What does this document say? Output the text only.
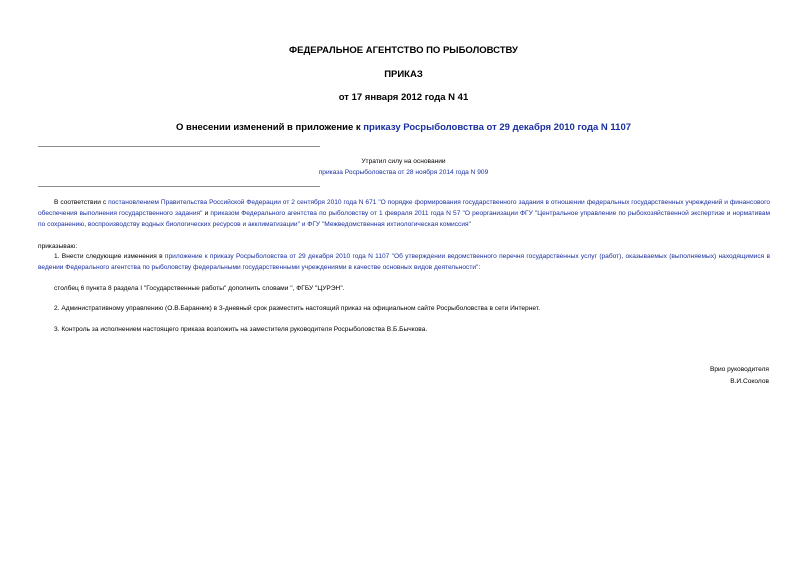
ФЕДЕРАЛЬНОЕ АГЕНТСТВО ПО РЫБОЛОВСТВУ
ПРИКАЗ
от 17 января 2012 года N 41
О внесении изменений в приложение к приказу Росрыболовства от 29 декабря 2010 года N 1107
Утратил силу на основании
приказа Росрыболовства от 28 ноября 2014 года N 909
В соответствии с постановлением Правительства Российской Федерации от 2 сентября 2010 года N 671 "О порядке формирования государственного задания в отношении федеральных государственных учреждений и финансового обеспечения выполнения государственного задания" и приказом Федерального агентства по рыболовству от 1 февраля 2011 года N 57 "О реорганизации ФГУ "Центральное управление по рыбохозяйственной экспертизе и нормативам по сохранению, воспроизводству водных биологических ресурсов и акклиматизации" и ФГУ "Межведомственная ихтиологическая комиссия"
приказываю:
1. Внести следующие изменения в приложение к приказу Росрыболовства от 29 декабря 2010 года N 1107 "Об утверждении ведомственного перечня государственных услуг (работ), оказываемых (выполняемых) находящимися в ведении Федерального агентства по рыболовству федеральными государственными учреждениями в качестве основных видов деятельности":
столбец 6 пункта 8 раздела I "Государственные работы" дополнить словами ", ФГБУ "ЦУРЭН".
2. Административному управлению (О.В.Баранник) в 3-дневный срок разместить настоящий приказ на официальном сайте Росрыболовства в сети Интернет.
3. Контроль за исполнением настоящего приказа возложить на заместителя руководителя Росрыболовства В.Б.Бычкова.
Врио руководителя
В.И.Соколов
